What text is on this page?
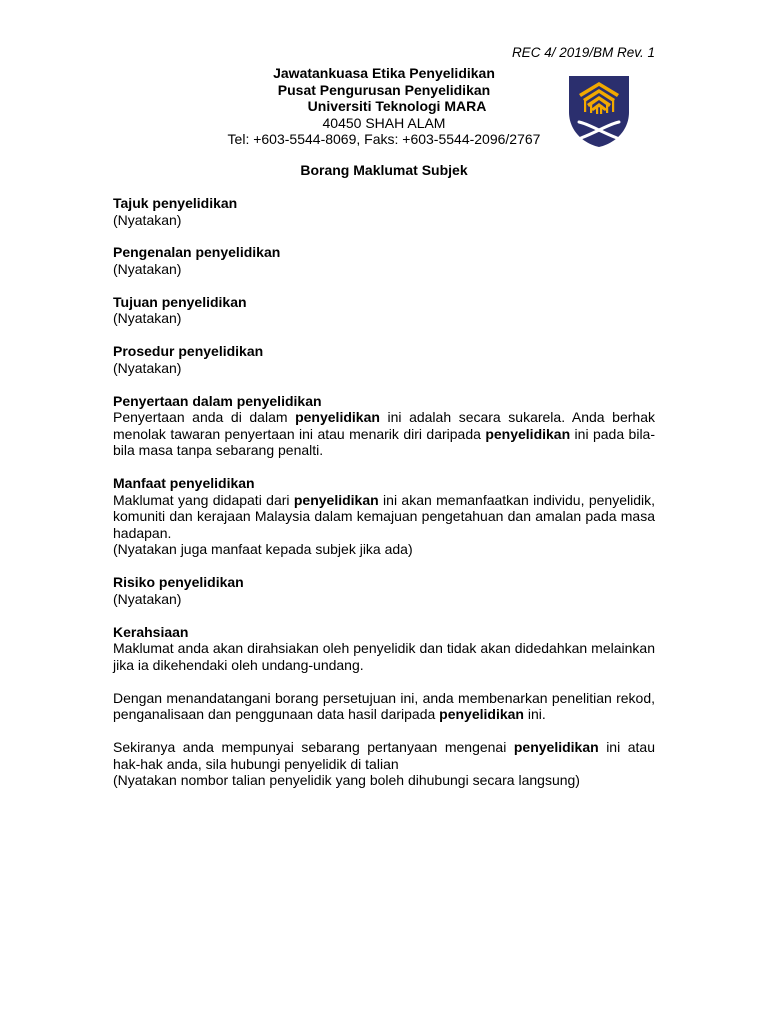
REC 4/ 2019/BM Rev. 1
Jawatankuasa Etika Penyelidikan
Pusat Pengurusan Penyelidikan
Universiti Teknologi MARA
40450 SHAH ALAM
Tel: +603-5544-8069, Faks: +603-5544-2096/2767
Borang Maklumat Subjek
Tajuk penyelidikan
(Nyatakan)
Pengenalan penyelidikan
(Nyatakan)
Tujuan penyelidikan
(Nyatakan)
Prosedur penyelidikan
(Nyatakan)
Penyertaan dalam penyelidikan

Penyertaan anda di dalam penyelidikan ini adalah secara sukarela. Anda berhak menolak tawaran penyertaan ini atau menarik diri daripada penyelidikan ini pada bila-bila masa tanpa sebarang penalti.

Manfaat penyelidikan

Maklumat yang didapati dari penyelidikan ini akan memanfaatkan individu, penyelidik, komuniti dan kerajaan Malaysia dalam kemajuan pengetahuan dan amalan pada masa hadapan.

(Nyatakan juga manfaat kepada subjek jika ada)
Risiko penyelidikan
(Nyatakan)
Kerahsiaan

Maklumat anda akan dirahsiakan oleh penyelidik dan tidak akan didedahkan melainkan jika ia dikehendaki oleh undang-undang.

Dengan menandatangani borang persetujuan ini, anda membenarkan penelitian rekod, penganalisaan dan penggunaan data hasil daripada penyelidikan ini.

Sekiranya anda mempunyai sebarang pertanyaan mengenai penyelidikan ini atau hak-hak anda, sila hubungi penyelidik di talian

(Nyatakan nombor talian penyelidik yang boleh dihubungi secara langsung)
